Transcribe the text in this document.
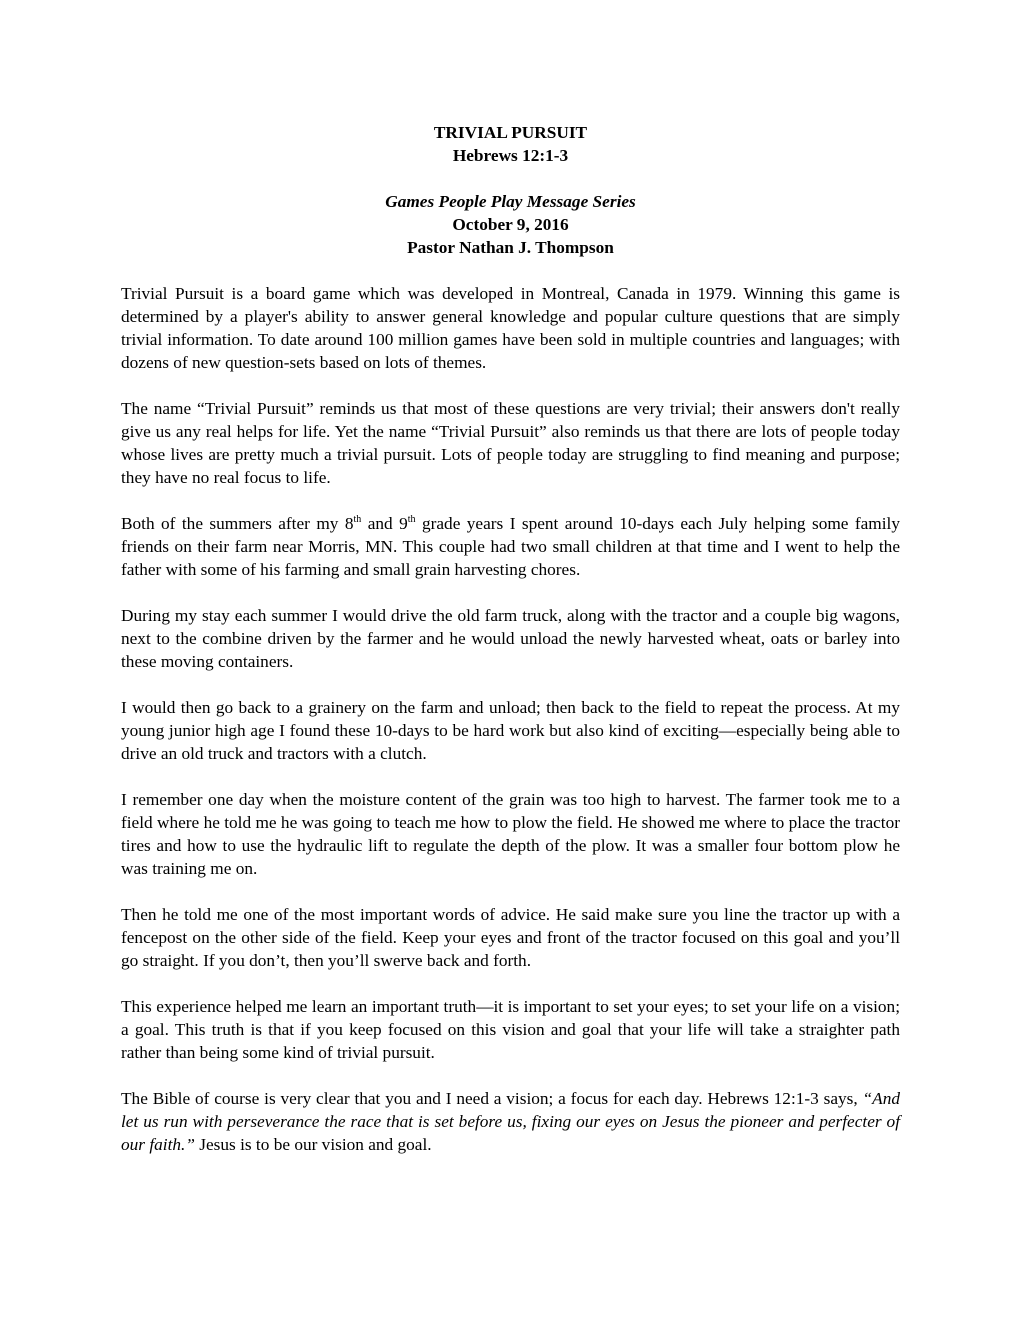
TRIVIAL PURSUIT
Hebrews 12:1-3
Games People Play Message Series
October 9, 2016
Pastor Nathan J. Thompson

Trivial Pursuit is a board game which was developed in Montreal, Canada in 1979. Winning this game is determined by a player's ability to answer general knowledge and popular culture questions that are simply trivial information. To date around 100 million games have been sold in multiple countries and languages; with dozens of new question-sets based on lots of themes.

The name “Trivial Pursuit” reminds us that most of these questions are very trivial; their answers don't really give us any real helps for life. Yet the name “Trivial Pursuit” also reminds us that there are lots of people today whose lives are pretty much a trivial pursuit. Lots of people today are struggling to find meaning and purpose; they have no real focus to life.

Both of the summers after my 8th and 9th grade years I spent around 10-days each July helping some family friends on their farm near Morris, MN. This couple had two small children at that time and I went to help the father with some of his farming and small grain harvesting chores.

During my stay each summer I would drive the old farm truck, along with the tractor and a couple big wagons, next to the combine driven by the farmer and he would unload the newly harvested wheat, oats or barley into these moving containers.

I would then go back to a grainery on the farm and unload; then back to the field to repeat the process. At my young junior high age I found these 10-days to be hard work but also kind of exciting—especially being able to drive an old truck and tractors with a clutch.

I remember one day when the moisture content of the grain was too high to harvest. The farmer took me to a field where he told me he was going to teach me how to plow the field. He showed me where to place the tractor tires and how to use the hydraulic lift to regulate the depth of the plow. It was a smaller four bottom plow he was training me on.

Then he told me one of the most important words of advice. He said make sure you line the tractor up with a fencepost on the other side of the field. Keep your eyes and front of the tractor focused on this goal and you’ll go straight. If you don’t, then you’ll swerve back and forth.

This experience helped me learn an important truth—it is important to set your eyes; to set your life on a vision; a goal. This truth is that if you keep focused on this vision and goal that your life will take a straighter path rather than being some kind of trivial pursuit.

The Bible of course is very clear that you and I need a vision; a focus for each day. Hebrews 12:1-3 says, “And let us run with perseverance the race that is set before us, fixing our eyes on Jesus the pioneer and perfecter of our faith.” Jesus is to be our vision and goal.
